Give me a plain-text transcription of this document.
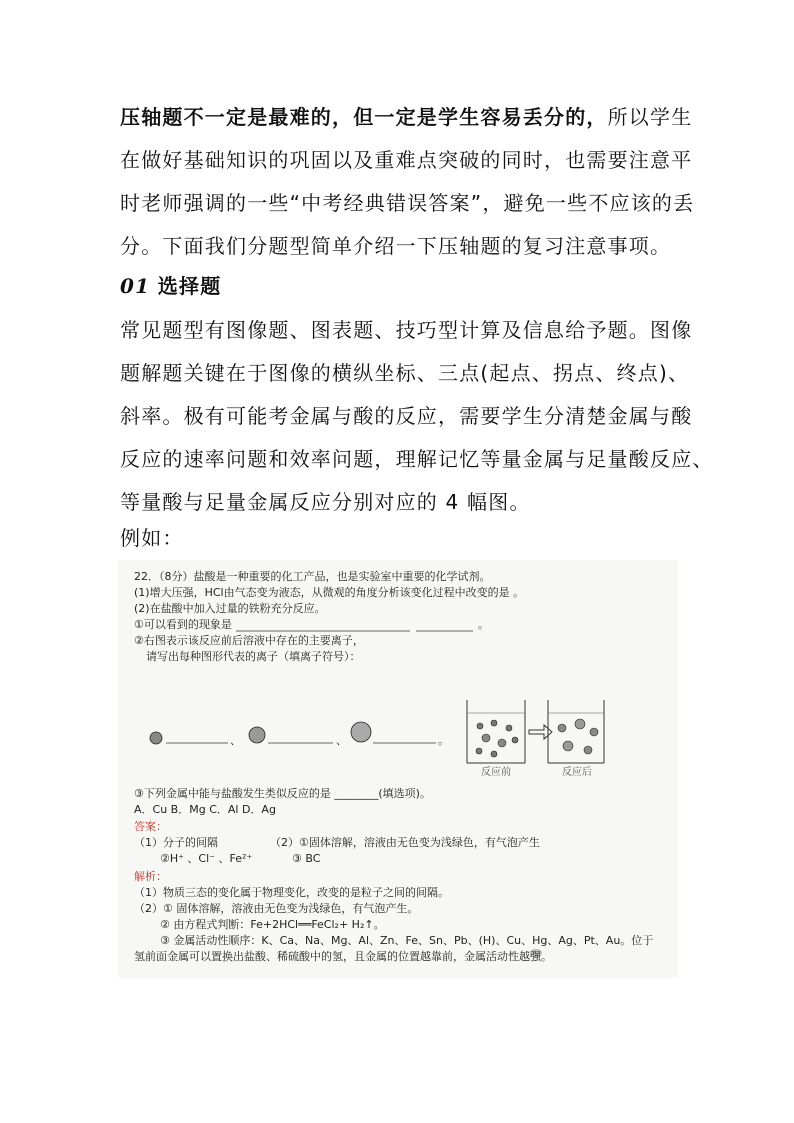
压轴题不一定是最难的，但一定是学生容易丢分的，所以学生
在做好基础知识的巩固以及重难点突破的同时，也需要注意平
时老师强调的一些“中考经典错误答案”，避免一些不应该的丢
分。下面我们分题型简单介绍一下压轴题的复习注意事项。
01 选择题
常见题型有图像题、图表题、技巧型计算及信息给予题。图像
题解题关键在于图像的横纵坐标、三点(起点、拐点、终点)、
斜率。极有可能考金属与酸的反应，需要学生分清楚金属与酸
反应的速率问题和效率问题，理解记忆等量金属与足量酸反应、
等量酸与足量金属反应分别对应的 4 幅图。
例如：
22．（8分）盐酸是一种重要的化工产品，也是实验室中重要的化学试剂。
(1)增大压强，HCl由气态变为液态，从微观的角度分析该变化过程中改变的是 。
(2)在盐酸中加入过量的铁粉充分反应。
①可以看到的现象是	。
②右图表示该反应前后溶液中存在的主要离子，
请写出每种图形代表的离子（填离子符号）：
、	、	。
反应前	反应后
③下列金属中能与盐酸发生类似反应的是 ________(填选项)。
A．Cu B．Mg C．Al D．Ag
答案：
（1）分子的间隔	（2）①固体溶解，溶液由无色变为浅绿色，有气泡产生
②H⁺ 、Cl⁻ 、Fe²⁺	③ BC
解析：
（1）物质三态的变化属于物理变化，改变的是粒子之间的间隔。
（2）① 固体溶解，溶液由无色变为浅绿色，有气泡产生。
② 由方程式判断：Fe+2HCl══FeCl₂+ H₂↑。
③ 金属活动性顺序：K、Ca、Na、Mg、Al、Zn、Fe、Sn、Pb、(H)、Cu、Hg、Ag、Pt、Au。位于
氢前面金属可以置换出盐酸、稀硫酸中的氢，且金属的位置越靠前，金属活动性越强。
